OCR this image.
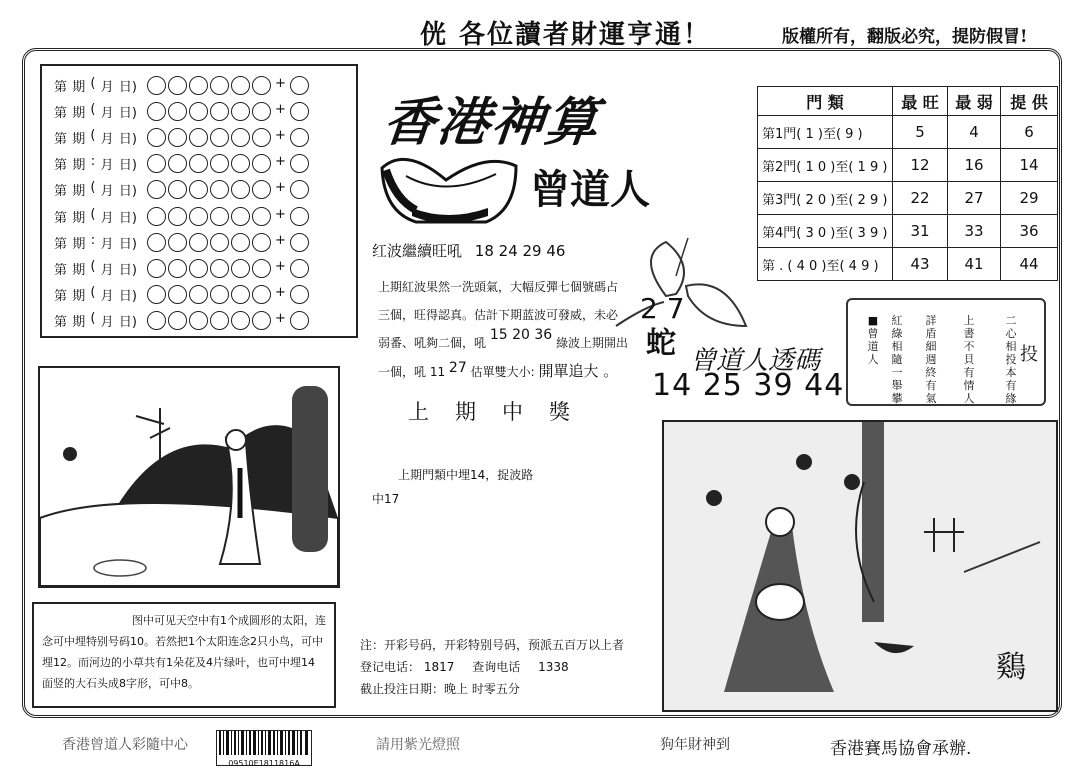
侊 各位讀者財運亨通！	版權所有，翻版必究，提防假冒!
第 期 ( 月 日)	+
第 期 ( 月 日)	+
第 期 ( 月 日)	+
第 期 : 月 日)	+
第 期 ( 月 日)	+
第 期 ( 月 日)	+
第 期 : 月 日)	+
第 期 ( 月 日)	+
第 期 ( 月 日)	+
第 期 ( 月 日)	+
香港神算
曾道人
红波繼續旺吼 18 24 29 46
上期紅波果然一洗頭氣，大幅反彈七個號碼占
三個，旺得認真。估計下期蓝波可發威，未必
弱番、吼夠二個，吼 15 20 36 綠波上期開出
一個，吼 11 27 估單雙大小: 開單追大 。
門 類	最 旺	最 弱	提 供
第1門( 1 )至( 9 )	5	4	6
第2門( 1 0 )至( 1 9 )	12	16	14
第3門( 2 0 )至( 2 9 )	22	27	29
第4門( 3 0 )至( 3 9 )	31	33	36
第 . ( 4 0 )至( 4 9 )	43	41	44
2 7
蛇 曾道人透碼
14 25 39 44
二心相投本有緣
上書不貝有情人
詳盾細週終有氣
紅綠相隨一舉攀
■曾道人	投
上期中獎
上期門類中埋14，捉波路
中17
图中可见天空中有1个成圆形的太阳，连
念可中埋特别号码10。若然把1个太阳连念2只小鸟，可中
埋12。而河边的小草共有1朵花及4片绿叶，也可中埋14
面竖的大石头成8字形，可中8。	鷄
注：开彩号码，开彩特别号码，预派五百万以上者
登记电话： 1817 查询电话 1338
截止投注日期：晚上 时零五分
香港曾道人彩隨中心
09510E1811816A
請用紫光燈照	狗年財神到	香港賽馬協會承辦.
